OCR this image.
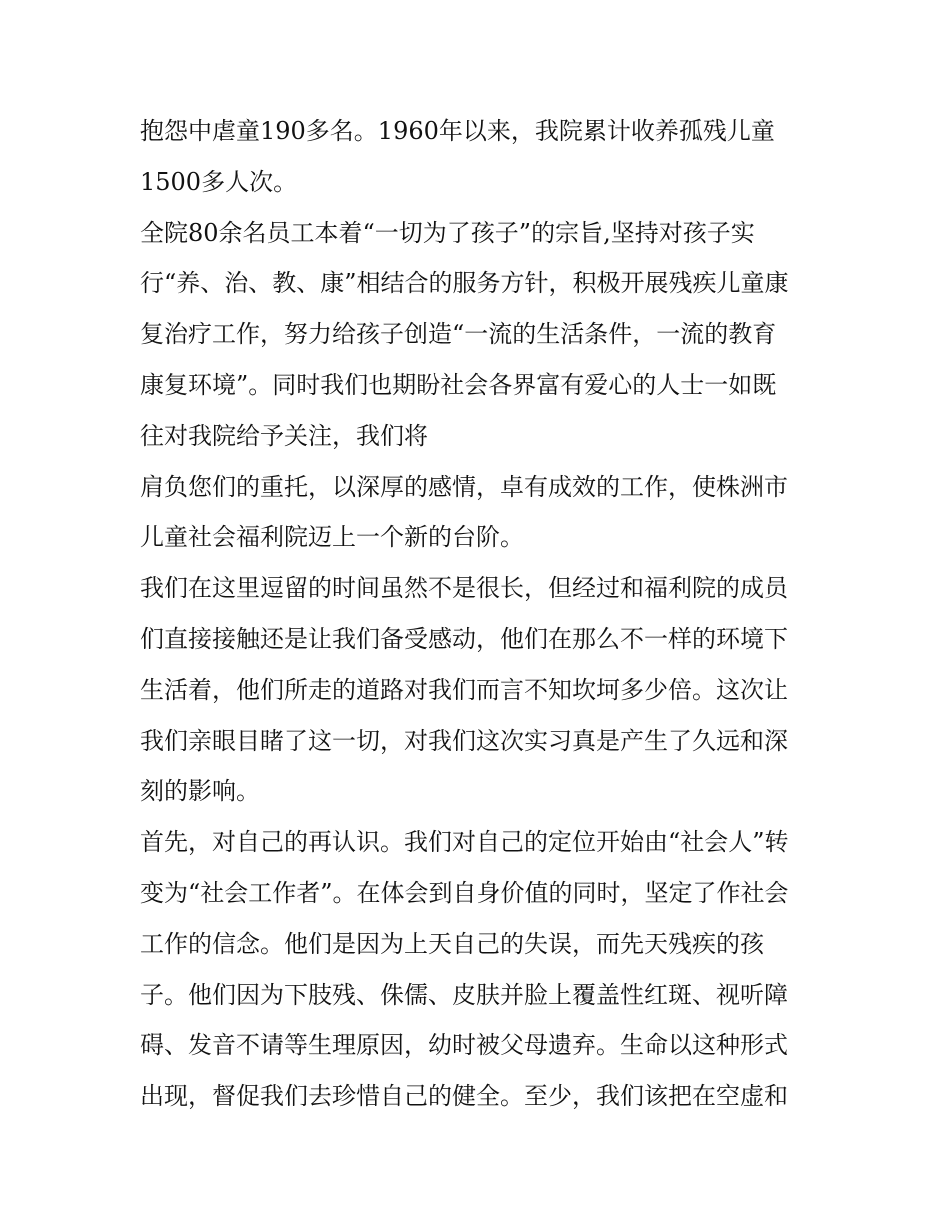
抱怨中虐童190多名。1960年以来，我院累计收养孤残儿童
1500多人次。
全院80余名员工本着“一切为了孩子”的宗旨,坚持对孩子实
行“养、治、教、康”相结合的服务方针，积极开展残疾儿童康
复治疗工作，努力给孩子创造“一流的生活条件，一流的教育
康复环境”。同时我们也期盼社会各界富有爱心的人士一如既
往对我院给予关注，我们将
肩负您们的重托，以深厚的感情，卓有成效的工作，使株洲市
儿童社会福利院迈上一个新的台阶。
我们在这里逗留的时间虽然不是很长，但经过和福利院的成员
们直接接触还是让我们备受感动，他们在那么不一样的环境下
生活着，他们所走的道路对我们而言不知坎坷多少倍。这次让
我们亲眼目睹了这一切，对我们这次实习真是产生了久远和深
刻的影响。
首先，对自己的再认识。我们对自己的定位开始由“社会人”转
变为“社会工作者”。在体会到自身价值的同时，坚定了作社会
工作的信念。他们是因为上天自己的失误，而先天残疾的孩
子。他们因为下肢残、侏儒、皮肤并脸上覆盖性红斑、视听障
碍、发音不请等生理原因，幼时被父母遗弃。生命以这种形式
出现，督促我们去珍惜自己的健全。至少，我们该把在空虚和
